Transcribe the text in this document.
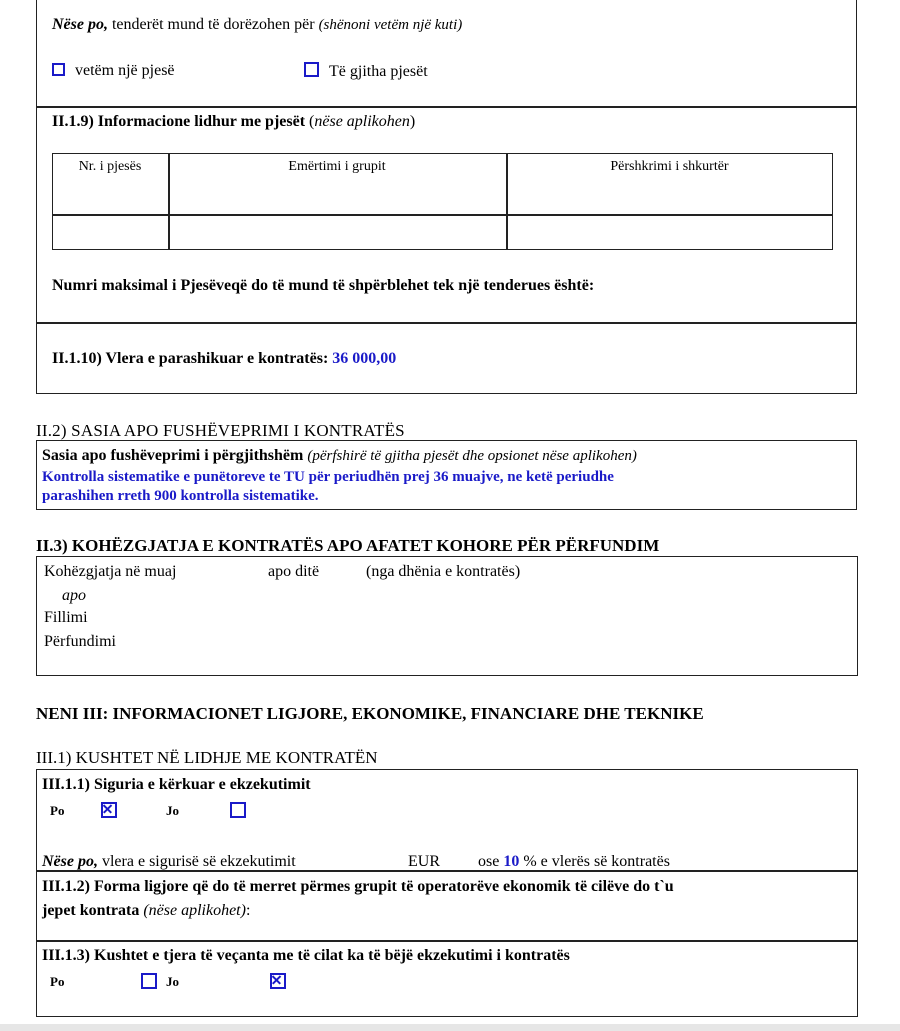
Nëse po, tenderët mund të dorëzohen për (shënoni vetëm një kuti)
vetëm një pjesë	Të gjitha pjesët
II.1.9) Informacione lidhur me pjesët (nëse aplikohen)
Nr. i pjesës	Emërtimi i grupit	Përshkrimi i shkurtër
Numri maksimal i Pjesëveqë do të mund të shpërblehet tek një tenderues është:
II.1.10) Vlera e parashikuar e kontratës: 36 000,00
II.2) SASIA APO FUSHËVEPRIMI I KONTRATËS
Sasia apo fushëveprimi i përgjithshëm (përfshirë të gjitha pjesët dhe opsionet nëse aplikohen)
Kontrolla sistematike e punëtoreve te TU për periudhën prej 36 muajve, ne ketë periudhe
parashihen rreth 900 kontrolla sistematike.
II.3) KOHËZGJATJA E KONTRATËS APO AFATET KOHORE PËR PËRFUNDIM
Kohëzgjatja në muaj	apo ditë	(nga dhënia e kontratës)
apo
Fillimi
Përfundimi
NENI III: INFORMACIONET LIGJORE, EKONOMIKE, FINANCIARE DHE TEKNIKE
III.1) KUSHTET NË LIDHJE ME KONTRATËN
III.1.1) Siguria e kërkuar e ekzekutimit
Po
	Jo

Nëse po, vlera e sigurisë së ekzekutimit	EUR ose 10 % e vlerës së kontratës
III.1.2) Forma ligjore që do të merret përmes grupit të operatorëve ekonomik të cilëve do t`u
jepet kontrata (nëse aplikohet):
III.1.3) Kushtet e tjera të veçanta me të cilat ka të bëjë ekzekutimi i kontratës
Po
	Jo
